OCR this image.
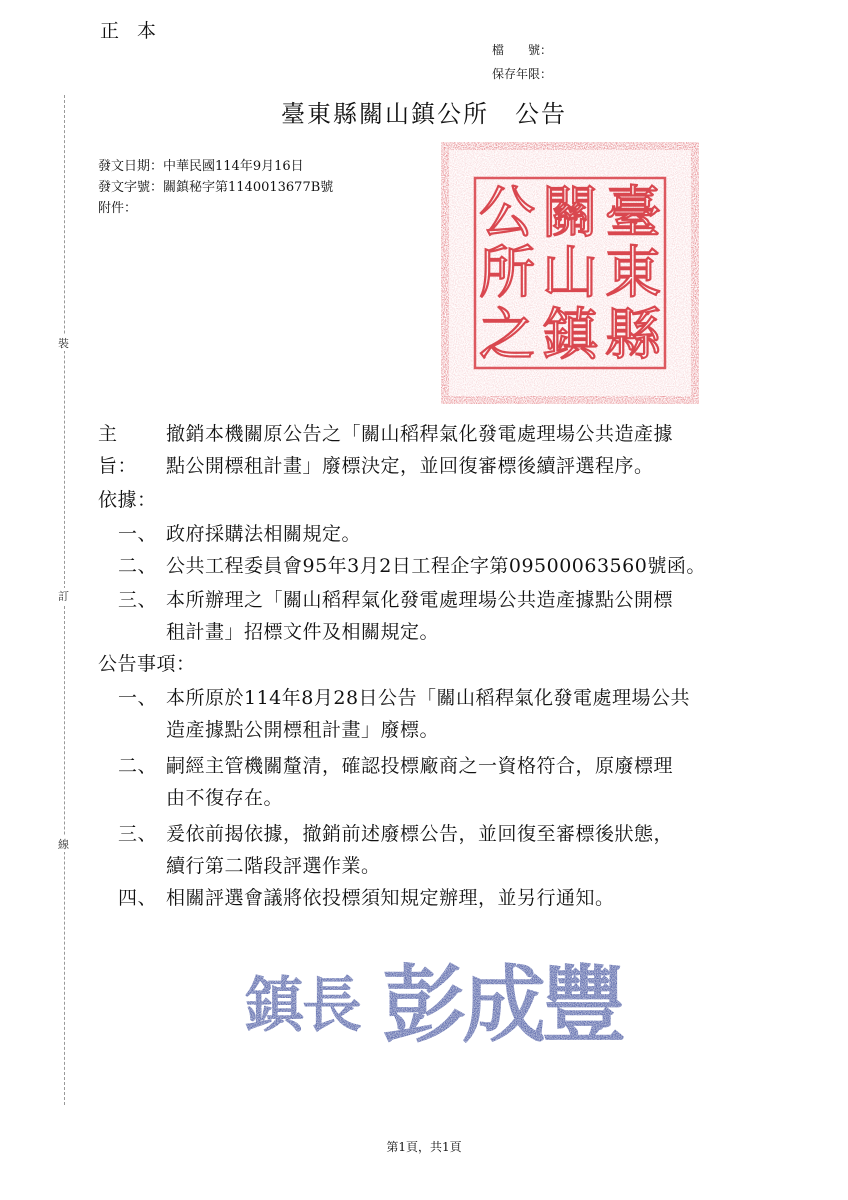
正本
檔　　號：
保存年限：
裝
訂
線
臺東縣關山鎮公所　公告
發文日期：中華民國114年9月16日
發文字號：關鎮秘字第1140013677B號
附件：	臺
東
縣
關
山
鎮
公
所
之
主旨：
撤銷本機關原公告之「關山稻稈氣化發電處理場公共造產據
點公開標租計畫」廢標決定，並回復審標後續評選程序。
依據：
一、 政府採購法相關規定。
二、 公共工程委員會95年3月2日工程企字第09500063560號函。
三、 本所辦理之「關山稻稈氣化發電處理場公共造產據點公開標
租計畫」招標文件及相關規定。
公告事項：
一、 本所原於114年8月28日公告「關山稻稈氣化發電處理場公共
造產據點公開標租計畫」廢標。
二、 嗣經主管機關釐清，確認投標廠商之一資格符合，原廢標理
由不復存在。
三、 爰依前揭依據，撤銷前述廢標公告，並回復至審標後狀態，
續行第二階段評選作業。
四、 相關評選會議將依投標須知規定辦理，並另行通知。
鎮長 彭成豐
第1頁，共1頁
